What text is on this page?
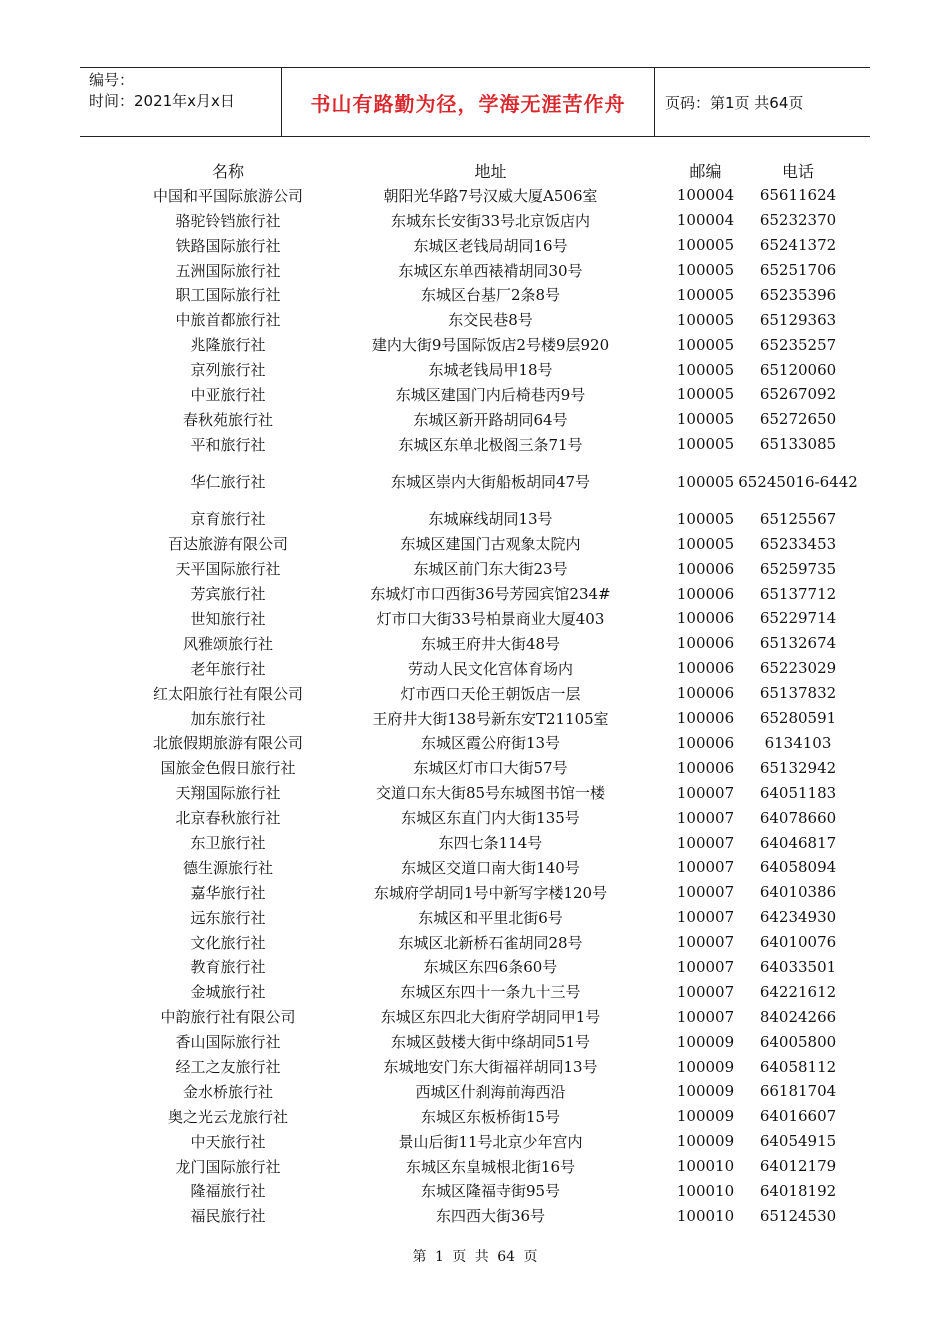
编号：
时间：2021年x月x日	书山有路勤为径，学海无涯苦作舟	页码：第1页 共64页
名称	地址	邮编	电话
中国和平国际旅游公司	朝阳光华路7号汉威大厦A506室	100004	65611624
骆驼铃铛旅行社	东城东长安街33号北京饭店内	100004	65232370
铁路国际旅行社	东城区老钱局胡同16号	100005	65241372
五洲国际旅行社	东城区东单西裱褙胡同30号	100005	65251706
职工国际旅行社	东城区台基厂2条8号	100005	65235396
中旅首都旅行社	东交民巷8号	100005	65129363
兆隆旅行社	建内大街9号国际饭店2号楼9层920	100005	65235257
京列旅行社	东城老钱局甲18号	100005	65120060
中亚旅行社	东城区建国门内后椅巷丙9号	100005	65267092
春秋苑旅行社	东城区新开路胡同64号	100005	65272650
平和旅行社	东城区东单北极阁三条71号	100005	65133085
华仁旅行社	东城区崇内大街船板胡同47号	100005 65245016-6442
京育旅行社	东城麻线胡同13号	100005	65125567
百达旅游有限公司	东城区建国门古观象太院内	100005	65233453
天平国际旅行社	东城区前门东大街23号	100006	65259735
芳宾旅行社	东城灯市口西街36号芳园宾馆234#	100006	65137712
世知旅行社	灯市口大街33号柏景商业大厦403	100006	65229714
风雅颂旅行社	东城王府井大街48号	100006	65132674
老年旅行社	劳动人民文化宫体育场内	100006	65223029
红太阳旅行社有限公司	灯市西口天伦王朝饭店一层	100006	65137832
加东旅行社	王府井大街138号新东安T21105室	100006	65280591
北旅假期旅游有限公司	东城区霞公府街13号	100006	6134103
国旅金色假日旅行社	东城区灯市口大街57号	100006	65132942
天翔国际旅行社	交道口东大街85号东城图书馆一楼	100007	64051183
北京春秋旅行社	东城区东直门内大街135号	100007	64078660
东卫旅行社	东四七条114号	100007	64046817
德生源旅行社	东城区交道口南大街140号	100007	64058094
嘉华旅行社	东城府学胡同1号中新写字楼120号	100007	64010386
远东旅行社	东城区和平里北街6号	100007	64234930
文化旅行社	东城区北新桥石雀胡同28号	100007	64010076
教育旅行社	东城区东四6条60号	100007	64033501
金城旅行社	东城区东四十一条九十三号	100007	64221612
中韵旅行社有限公司	东城区东四北大街府学胡同甲1号	100007	84024266
香山国际旅行社	东城区鼓楼大街中绦胡同51号	100009	64005800
经工之友旅行社	东城地安门东大街福祥胡同13号	100009	64058112
金水桥旅行社	西城区什刹海前海西沿	100009	66181704
奥之光云龙旅行社	东城区东板桥街15号	100009	64016607
中天旅行社	景山后街11号北京少年宫内	100009	64054915
龙门国际旅行社	东城区东皇城根北街16号	100010	64012179
隆福旅行社	东城区隆福寺街95号	100010	64018192
福民旅行社	东四西大街36号	100010	65124530
第 1 页 共 64 页
